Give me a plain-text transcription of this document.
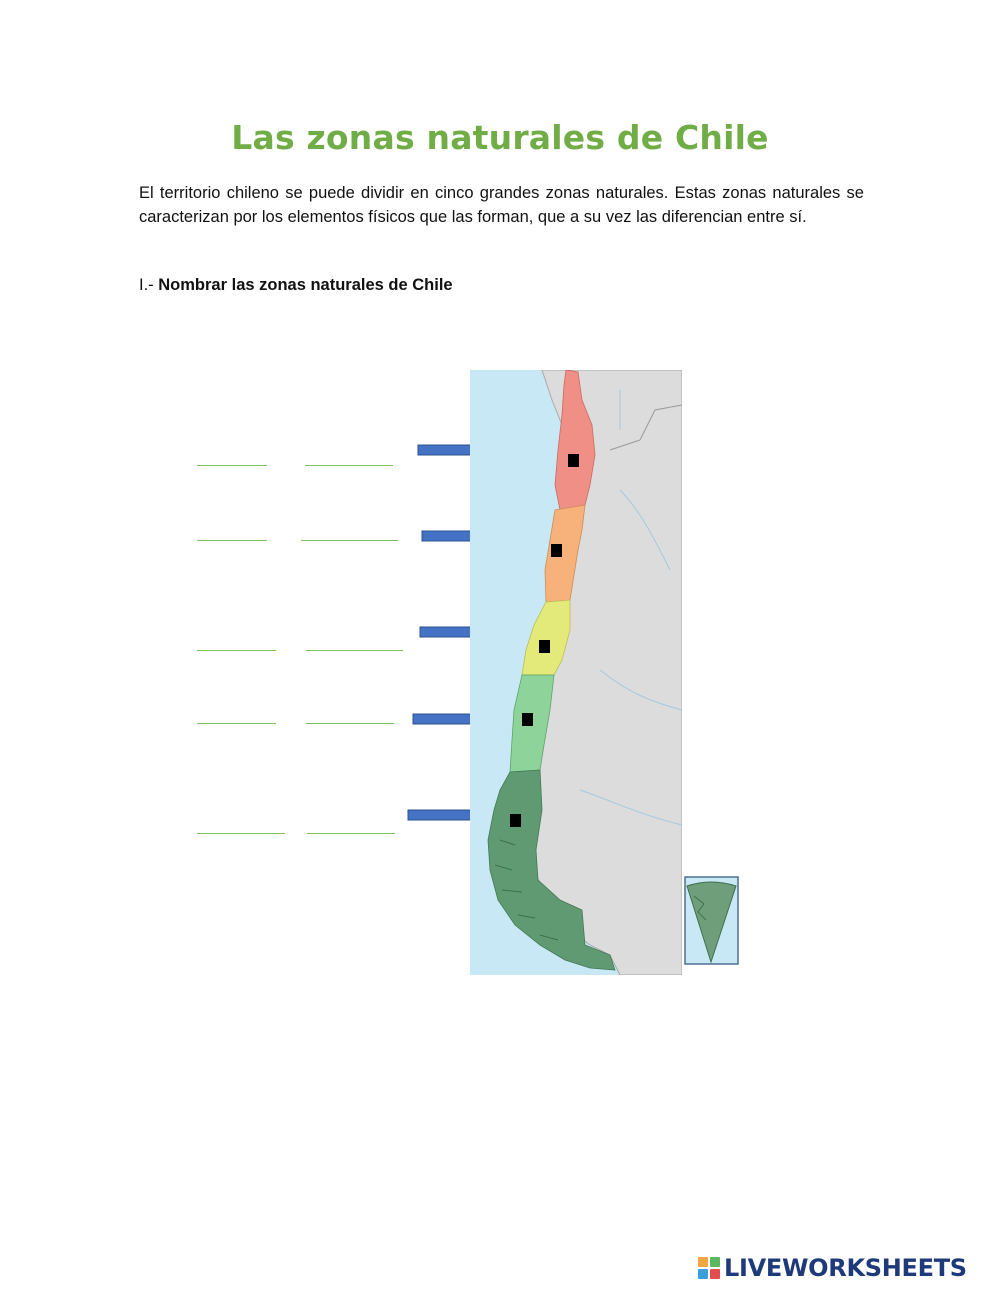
Las zonas naturales de Chile

El territorio chileno se puede dividir en cinco grandes zonas naturales. Estas zonas naturales se caracterizan por los elementos físicos que las forman, que a su vez las diferencian entre sí.

I.- Nombrar las zonas naturales de Chile

LIVEWORKSHEETS
